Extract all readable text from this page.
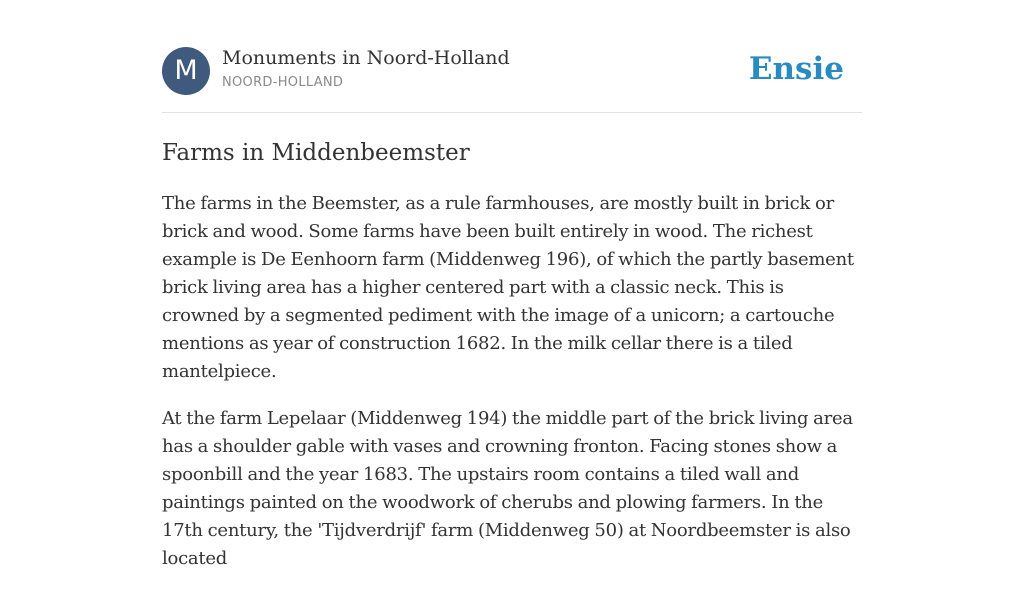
M	Monuments in Noord-Holland
NOORD-HOLLAND	Ensie
Farms in Middenbeemster

The farms in the Beemster, as a rule farmhouses, are mostly built in brick or brick and wood. Some farms have been built entirely in wood. The richest example is De Eenhoorn farm (Middenweg 196), of which the partly basement brick living area has a higher centered part with a classic neck. This is crowned by a segmented pediment with the image of a unicorn; a cartouche mentions as year of construction 1682. In the milk cellar there is a tiled mantelpiece.

At the farm Lepelaar (Middenweg 194) the middle part of the brick living area has a shoulder gable with vases and crowning fronton. Facing stones show a spoonbill and the year 1683. The upstairs room contains a tiled wall and paintings painted on the woodwork of cherubs and plowing farmers. In the 17th century, the 'Tijdverdrijf' farm (Middenweg 50) at Noordbeemster is also located
